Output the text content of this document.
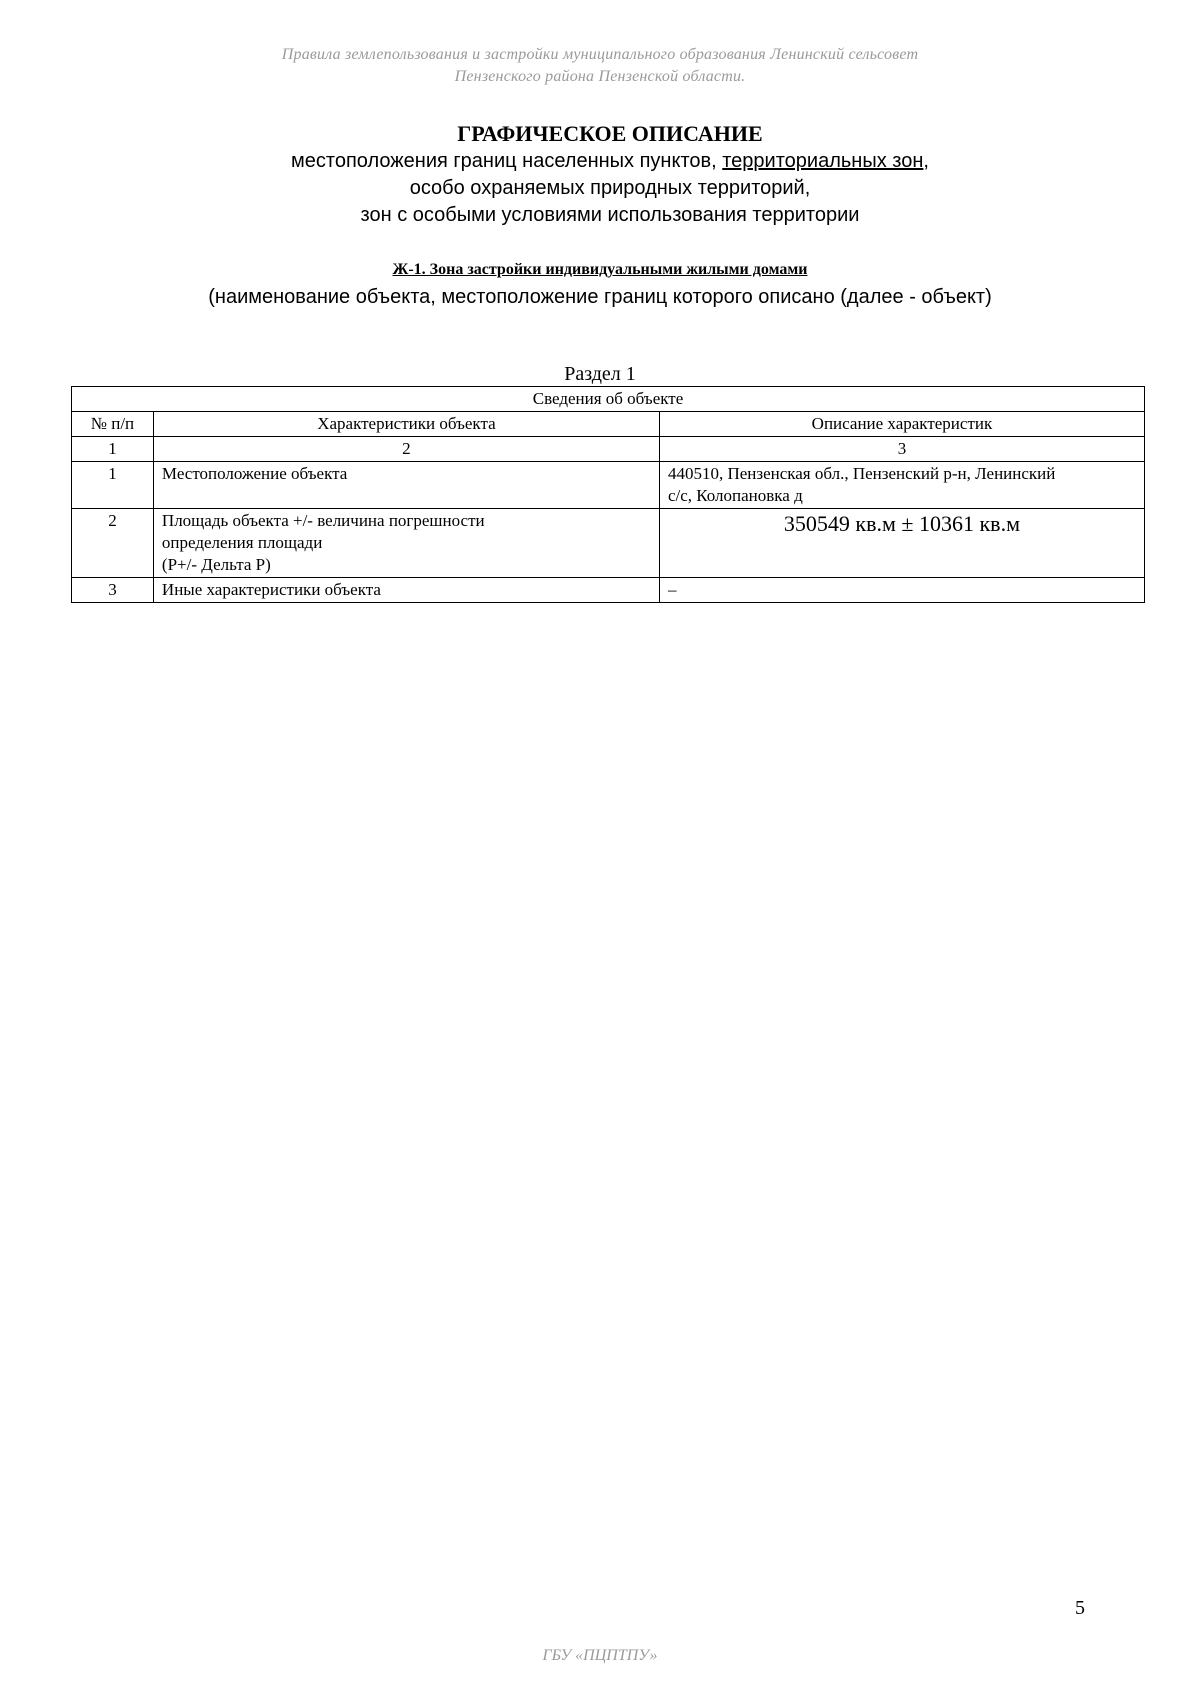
Правила землепользования и застройки муниципального образования Ленинский сельсовет
Пензенского района Пензенской области.
ГРАФИЧЕСКОЕ ОПИСАНИЕ
местоположения границ населенных пунктов, территориальных зон,
особо охраняемых природных территорий,
зон с особыми условиями использования территории
Ж-1. Зона застройки индивидуальными жилыми домами
(наименование объекта, местоположение границ которого описано (далее - объект)
Раздел 1
Сведения об объекте		
№ п/п	Характеристики объекта	Описание характеристик
1	2	3
1	Местоположение объекта	440510, Пензенская обл., Пензенский р-н, Ленинский
с/с, Колопановка д

2	Площадь объекта +/- величина погрешности
определения площади
(P+/- Дельта P)	350549 кв.м ± 10361 кв.м

3	Иные характеристики объекта	–
5
ГБУ «ПЦПТПУ»
